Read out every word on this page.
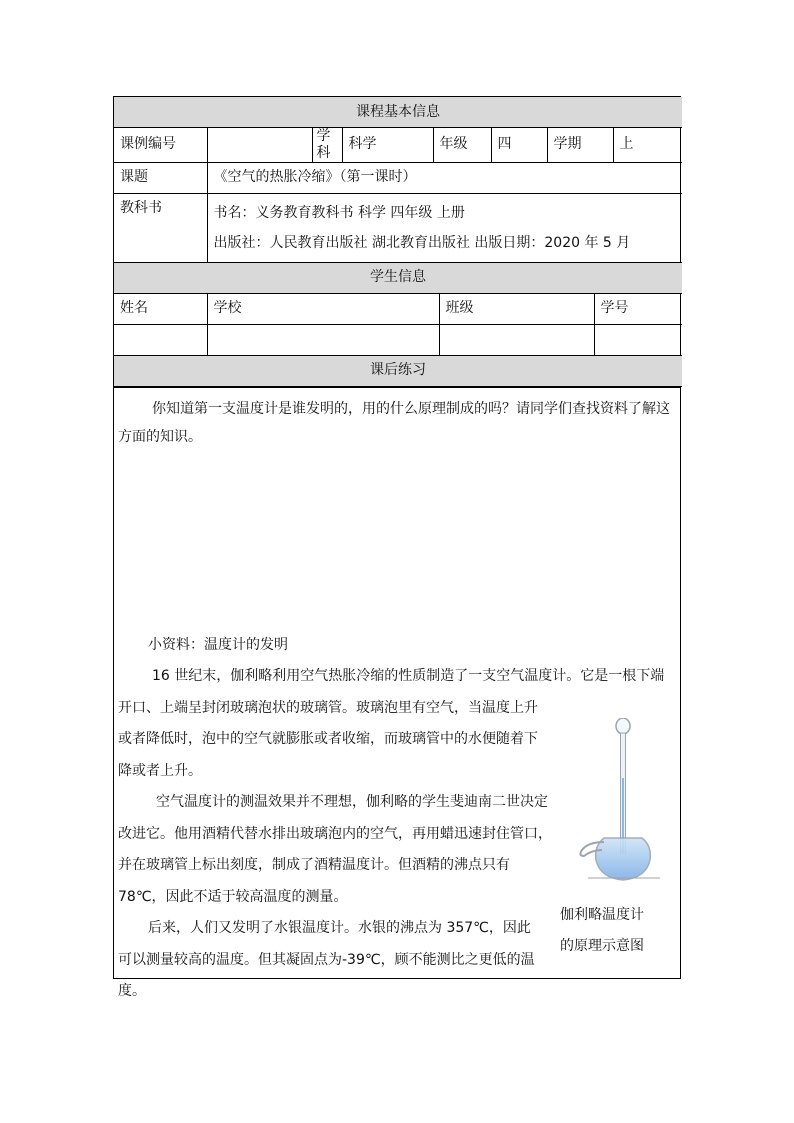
课程基本信息							
课例编号		学科	科学	年级	四	学期	上
课题	《空气的热胀冷缩》（第一课时）						
教科书	书名：义务教育教科书 科学 四年级 上册
出版社：人民教育出版社 湖北教育出版社 出版日期：2020 年 5 月						
学生信息			
姓名	学校	班级	学号

课后练习			

你知道第一支温度计是谁发明的，用的什么原理制成的吗？请同学们查找资料了解这方面的知识。

小资料：温度计的发明

16 世纪末，伽利略利用空气热胀冷缩的性质制造了一支空气温度计。它是一根下端

开口、上端呈封闭玻璃泡状的玻璃管。玻璃泡里有空气，当温度上升

或者降低时，泡中的空气就膨胀或者收缩，而玻璃管中的水便随着下

降或者上升。

空气温度计的测温效果并不理想，伽利略的学生斐迪南二世决定

改进它。他用酒精代替水排出玻璃泡内的空气，再用蜡迅速封住管口，

并在玻璃管上标出刻度，制成了酒精温度计。但酒精的沸点只有

78℃，因此不适于较高温度的测量。

后来，人们又发明了水银温度计。水银的沸点为 357℃，因此

可以测量较高的温度。但其凝固点为-39℃，顾不能测比之更低的温

度。

伽利略温度计
的原理示意图
